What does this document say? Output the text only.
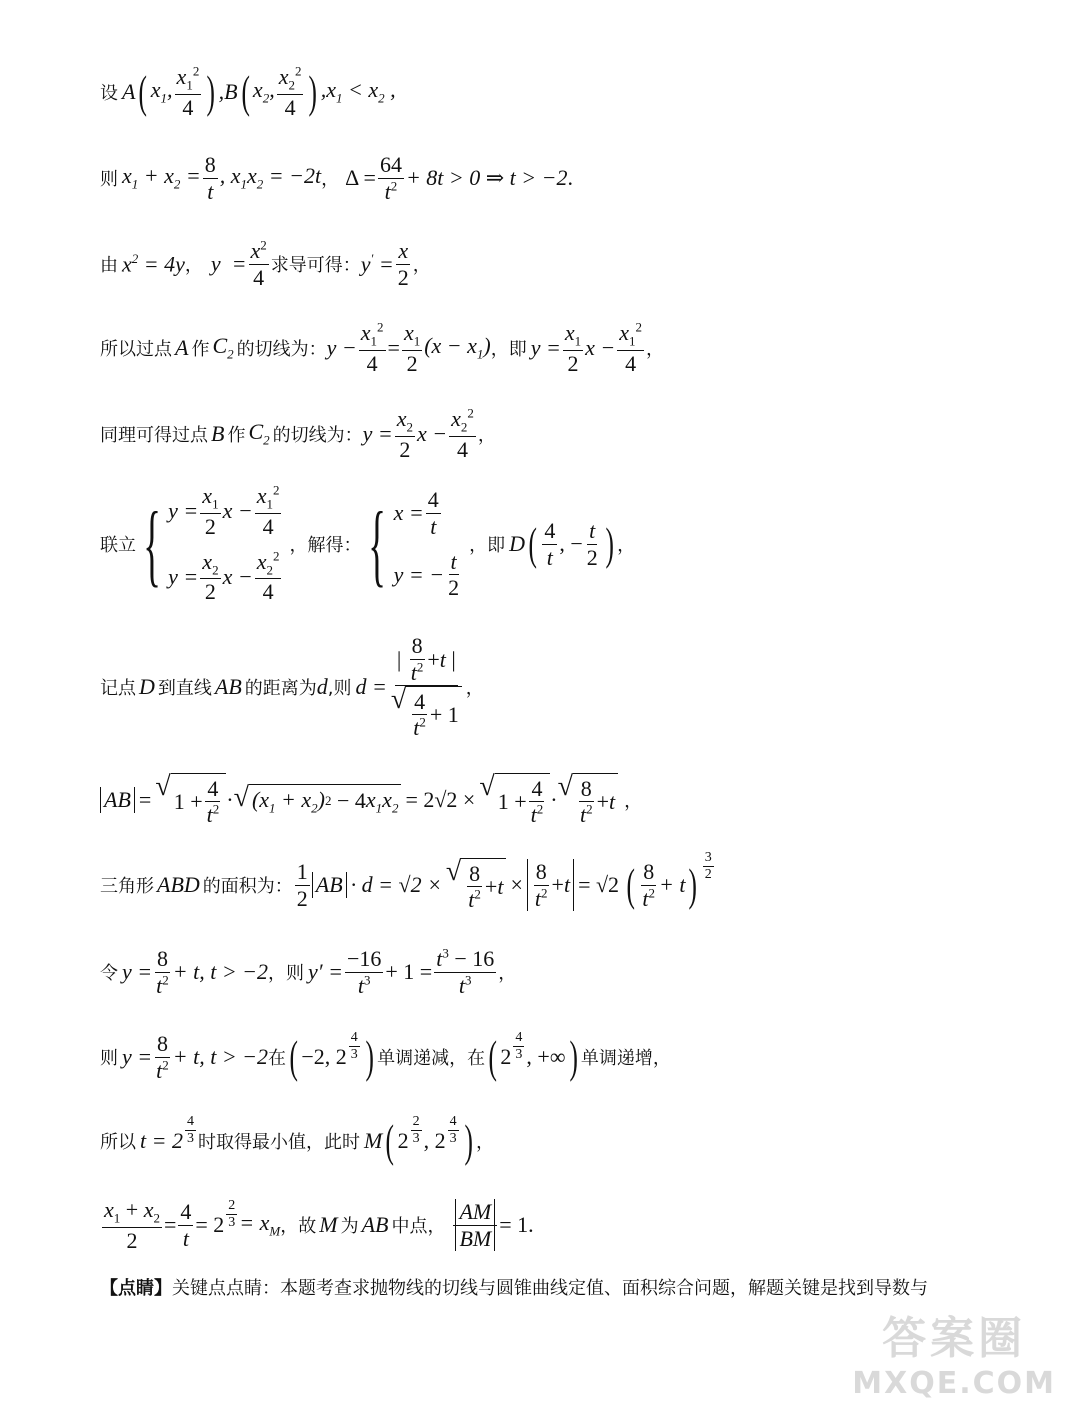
设 A ( $x_1$, $\frac{x_1^2}{4}$ ) ,B ( $x_2$, $\frac{x_2^2}{4}$ ) $,x_1 < x_2$ ,
则 $x_1 + x_2 = \frac{8}{t}$ , $x_1x_2 = -2t$ ， $\Delta = \frac{64}{t^2} + 8t > 0$ ⇒ t > −2 .
由 $x^2 = 4y$ ， $y = \frac{x^2}{4}$ 求导可得： $y' = \frac{x}{2}$ ，
所以过点 A 作 $C_2$ 的切线为： $y - \frac{x_1^2}{4} = \frac{x_1}{2} (x - x_1)$ ，即 $y = \frac{x_1}{2}$ $x - \frac{x_1^2}{4}$ ，
同理可得过点 B 作 $C_2$ 的切线为： $y = \frac{x_2}{2}$ $x - \frac{x_2^2}{4}$ ，
联立 { $y = \frac{x_1}{2}$ $x - \frac{x_1^2}{4}$
$y = \frac{x_2}{2}$ $x - \frac{x_2^2}{4}$
，解得： { $x = \frac{4}{t}$
y = − $\frac{t}{2}$
，即 D ( $\frac{4}{t}$ , − $\frac{t}{2}$ ) ，
记点 D 到直线 AB 的距离为 d ,则 $d = \frac{| \frac{8}{t^2} + t |}{√ \frac{4}{t^2} + 1}$ ，
AB = √ $1 + \frac{4}{t^2}$ · √ $(x_1 + x_2) 2 - 4$ $x_1x_2 = 2√2$ × √ $1 + \frac{4}{t^2}$ · √ $\frac{8}{t^2} + t$ ，
三角形 ABD 的面积为： $\frac{1}{2}$ AB · d = √2 × √ $\frac{8}{t^2} + t \times \frac{8}{t^2} + t = √2$ ( $\frac{8}{t^2} + t$ ) $\frac{3}{2}$
令 $y = \frac{8}{t^2} + t$, t > −2 ，则 $y' = \frac{-16}{t^3} + 1 = \frac{t^3 - 16}{t^3}$ ，
则 $y = \frac{8}{t^2} + t$, t > −2 在 ( −2, $2 \frac{4}{3}$ ) 单调递减，在 ( $2 \frac{4}{3}$ , +∞ ) 单调递增，
所以 $t = 2 \frac{4}{3}$ 时取得最小值，此时 M ( $2 \frac{2}{3}$ , $2 \frac{4}{3}$ ) ，
$\frac{x_1 + x_2}{2} = \frac{4}{t} = 2 \frac{2}{3} = x_M$ ，故 M 为 AB 中点， $\frac{AM}{BM} = 1$ .
【点睛】 关键点点睛：本题考查求抛物线的切线与圆锥曲线定值、面积综合问题，解题关键是找到导数与
答案圈
MXQE.COM
